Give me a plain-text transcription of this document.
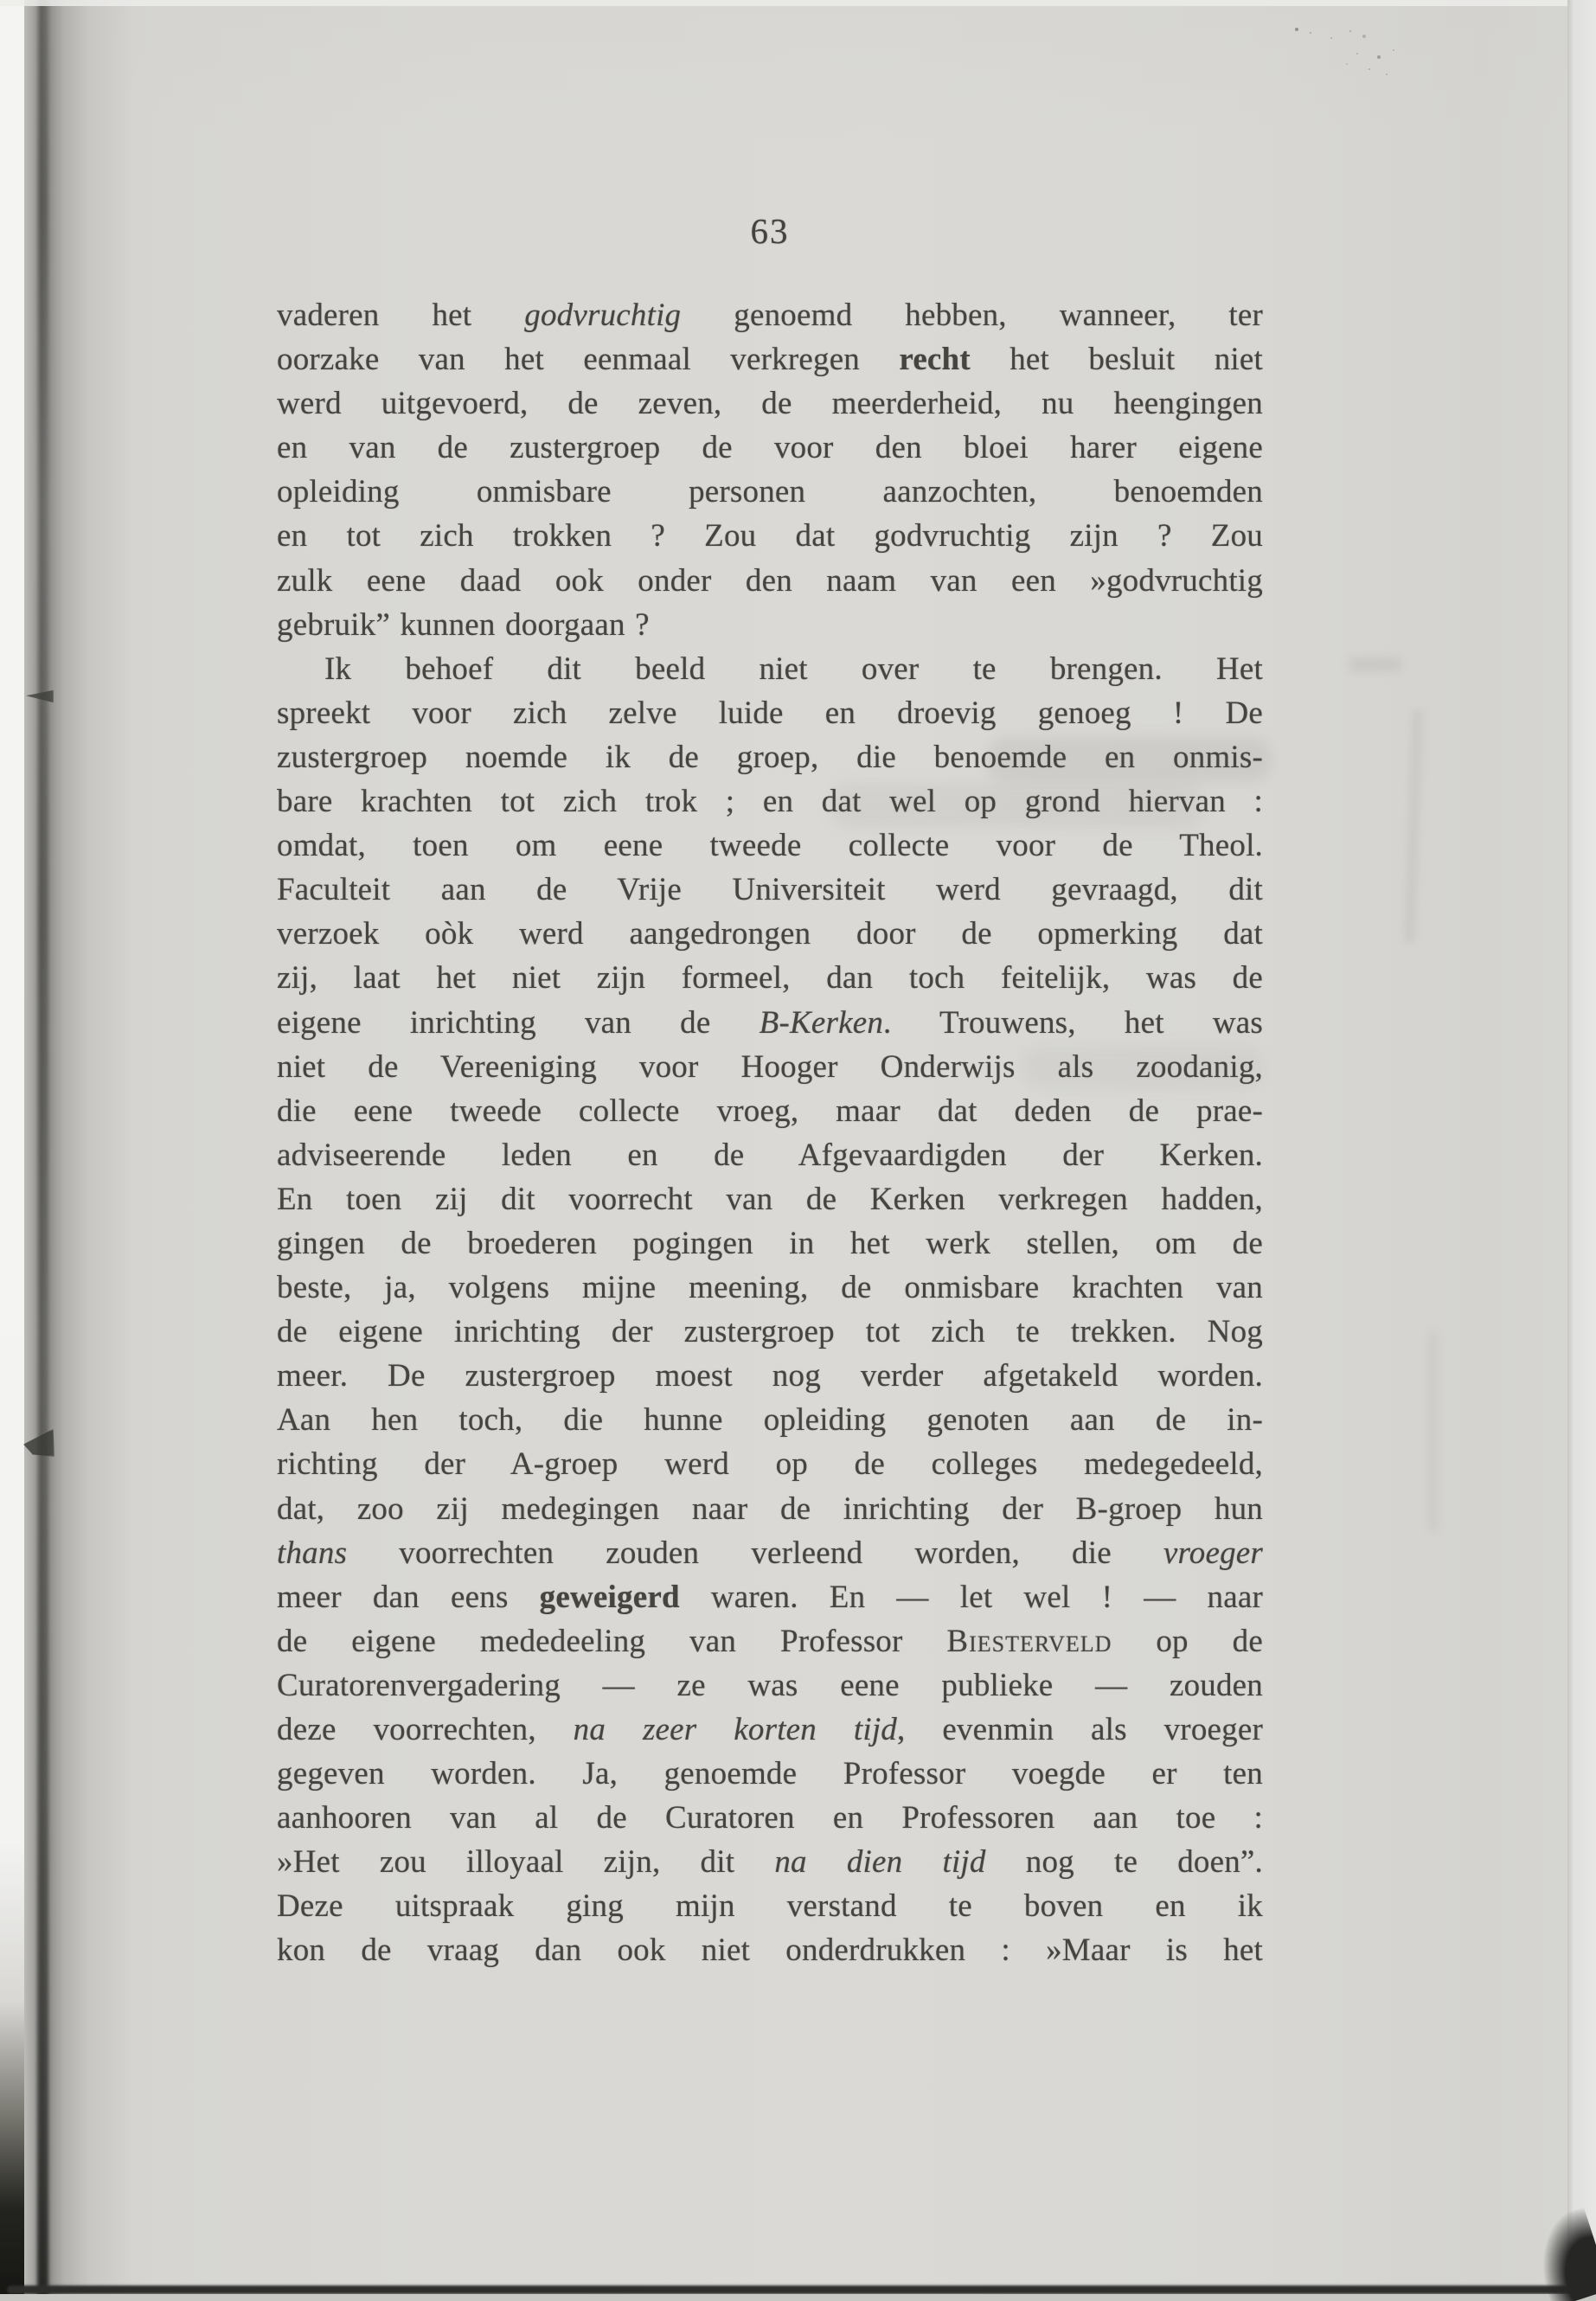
63
vaderen het godvruchtig genoemd hebben, wanneer, ter
oorzake van het eenmaal verkregen recht het besluit niet
werd uitgevoerd, de zeven, de meerderheid, nu heengingen
en van de zustergroep de voor den bloei harer eigene
opleiding onmisbare personen aanzochten, benoemden
en tot zich trokken ? Zou dat godvruchtig zijn ? Zou
zulk eene daad ook onder den naam van een »godvruchtig
gebruik” kunnen doorgaan ?
Ik behoef dit beeld niet over te brengen. Het
spreekt voor zich zelve luide en droevig genoeg ! De
zustergroep noemde ik de groep, die benoemde en onmis-
bare krachten tot zich trok ; en dat wel op grond hiervan :
omdat, toen om eene tweede collecte voor de Theol.
Faculteit aan de Vrije Universiteit werd gevraagd, dit
verzoek oòk werd aangedrongen door de opmerking dat
zij, laat het niet zijn formeel, dan toch feitelijk, was de
eigene inrichting van de B-Kerken. Trouwens, het was
niet de Vereeniging voor Hooger Onderwijs als zoodanig,
die eene tweede collecte vroeg, maar dat deden de prae-
adviseerende leden en de Afgevaardigden der Kerken.
En toen zij dit voorrecht van de Kerken verkregen hadden,
gingen de broederen pogingen in het werk stellen, om de
beste, ja, volgens mijne meening, de onmisbare krachten van
de eigene inrichting der zustergroep tot zich te trekken. Nog
meer. De zustergroep moest nog verder afgetakeld worden.
Aan hen toch, die hunne opleiding genoten aan de in-
richting der A-groep werd op de colleges medegedeeld,
dat, zoo zij medegingen naar de inrichting der B-groep hun
thans voorrechten zouden verleend worden, die vroeger
meer dan eens geweigerd waren. En — let wel ! — naar
de eigene mededeeling van Professor Biesterveld op de
Curatorenvergadering — ze was eene publieke — zouden
deze voorrechten, na zeer korten tijd, evenmin als vroeger
gegeven worden. Ja, genoemde Professor voegde er ten
aanhooren van al de Curatoren en Professoren aan toe :
»Het zou illoyaal zijn, dit na dien tijd nog te doen”.
Deze uitspraak ging mijn verstand te boven en ik
kon de vraag dan ook niet onderdrukken : »Maar is het
